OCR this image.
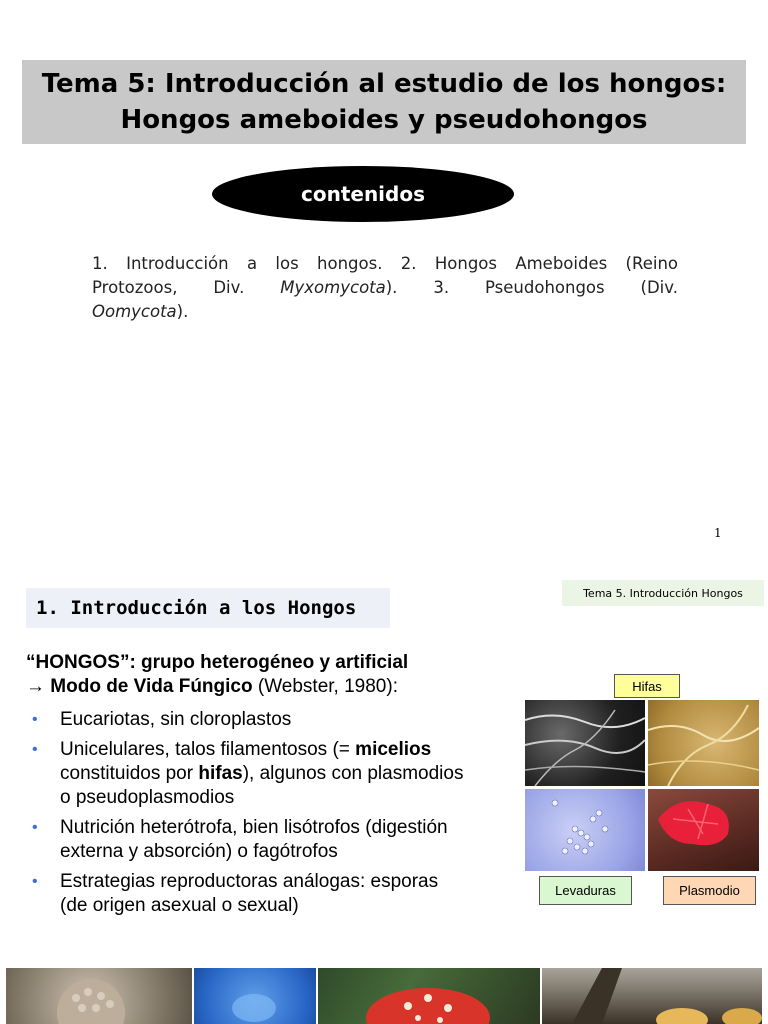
Tema 5: Introducción al estudio de los hongos:
Hongos ameboides y pseudohongos
contenidos
1. Introducción a los hongos. 2. Hongos Ameboides (Reino
Protozoos, Div. Myxomycota). 3. Pseudohongos (Div.
Oomycota).
1
Tema 5. Introducción Hongos
1. Introducción a los Hongos
“HONGOS”: grupo heterogéneo y artificial
→ Modo de Vida Fúngico (Webster, 1980):
• Eucariotas, sin cloroplastos
• Unicelulares, talos filamentosos (= micelios
constituidos por hifas), algunos con plasmodios
o pseudoplasmodios
• Nutrición heterótrofa, bien lisótrofos (digestión
externa y absorción) o fagótrofos
• Estrategias reproductoras análogas: esporas
(de origen asexual o sexual)
Hifas
Levaduras	Plasmodio
